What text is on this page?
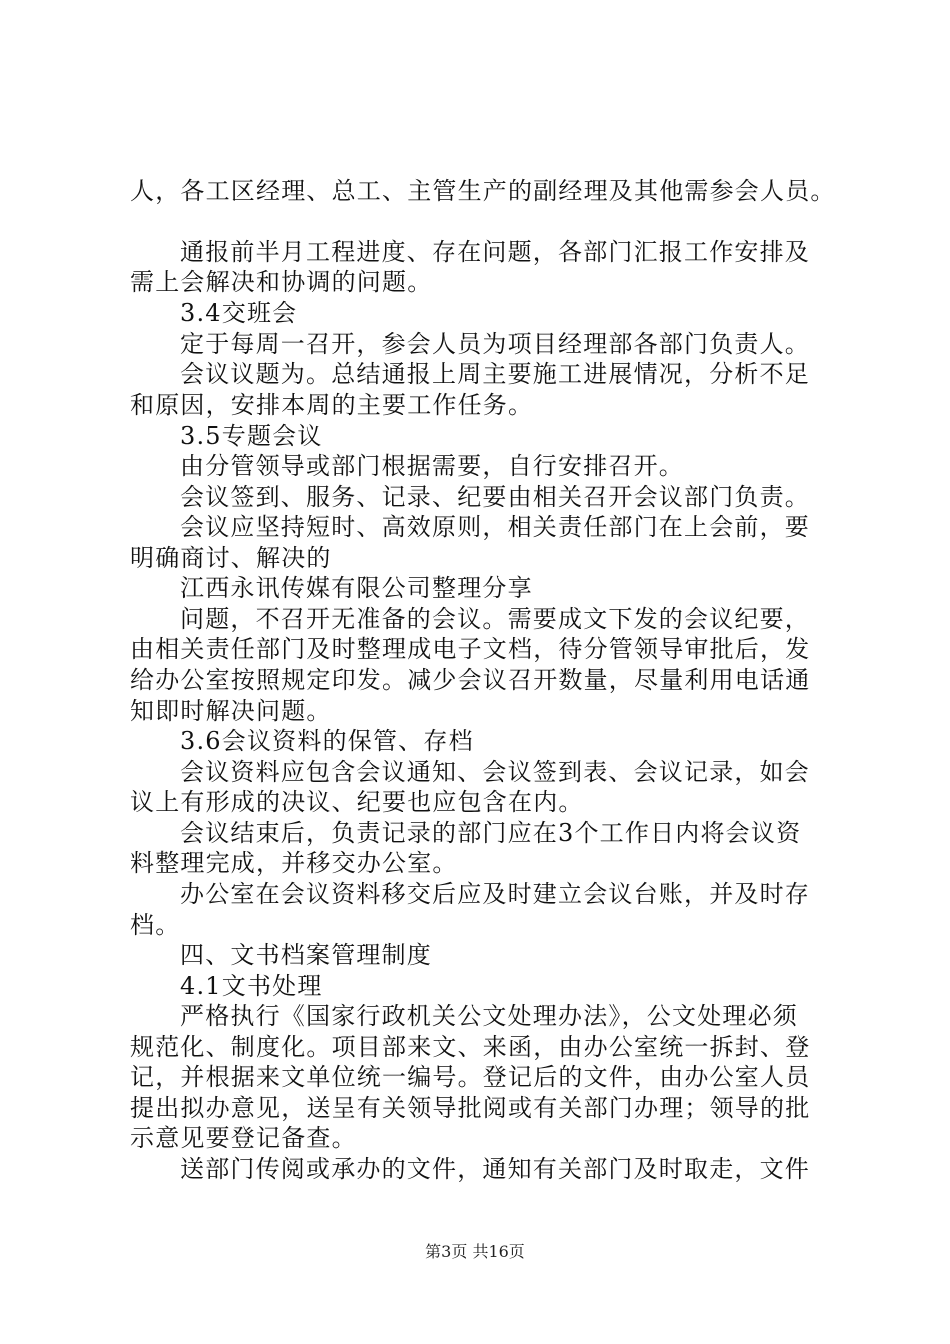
人，各工区经理、总工、主管生产的副经理及其他需参会人员。
通报前半月工程进度、存在问题，各部门汇报工作安排及
需上会解决和协调的问题。
3.4交班会
定于每周一召开，参会人员为项目经理部各部门负责人。
会议议题为。总结通报上周主要施工进展情况，分析不足
和原因，安排本周的主要工作任务。
3.5专题会议
由分管领导或部门根据需要，自行安排召开。
会议签到、服务、记录、纪要由相关召开会议部门负责。
会议应坚持短时、高效原则，相关责任部门在上会前，要
明确商讨、解决的
江西永讯传媒有限公司整理分享
问题，不召开无准备的会议。需要成文下发的会议纪要，
由相关责任部门及时整理成电子文档，待分管领导审批后，发
给办公室按照规定印发。减少会议召开数量，尽量利用电话通
知即时解决问题。
3.6会议资料的保管、存档
会议资料应包含会议通知、会议签到表、会议记录，如会
议上有形成的决议、纪要也应包含在内。
会议结束后，负责记录的部门应在3个工作日内将会议资
料整理完成，并移交办公室。
办公室在会议资料移交后应及时建立会议台账，并及时存
档。
四、文书档案管理制度
4.1文书处理
严格执行《国家行政机关公文处理办法》，公文处理必须
规范化、制度化。项目部来文、来函，由办公室统一拆封、登
记，并根据来文单位统一编号。登记后的文件，由办公室人员
提出拟办意见，送呈有关领导批阅或有关部门办理；领导的批
示意见要登记备查。
送部门传阅或承办的文件，通知有关部门及时取走，文件
第3页 共16页
